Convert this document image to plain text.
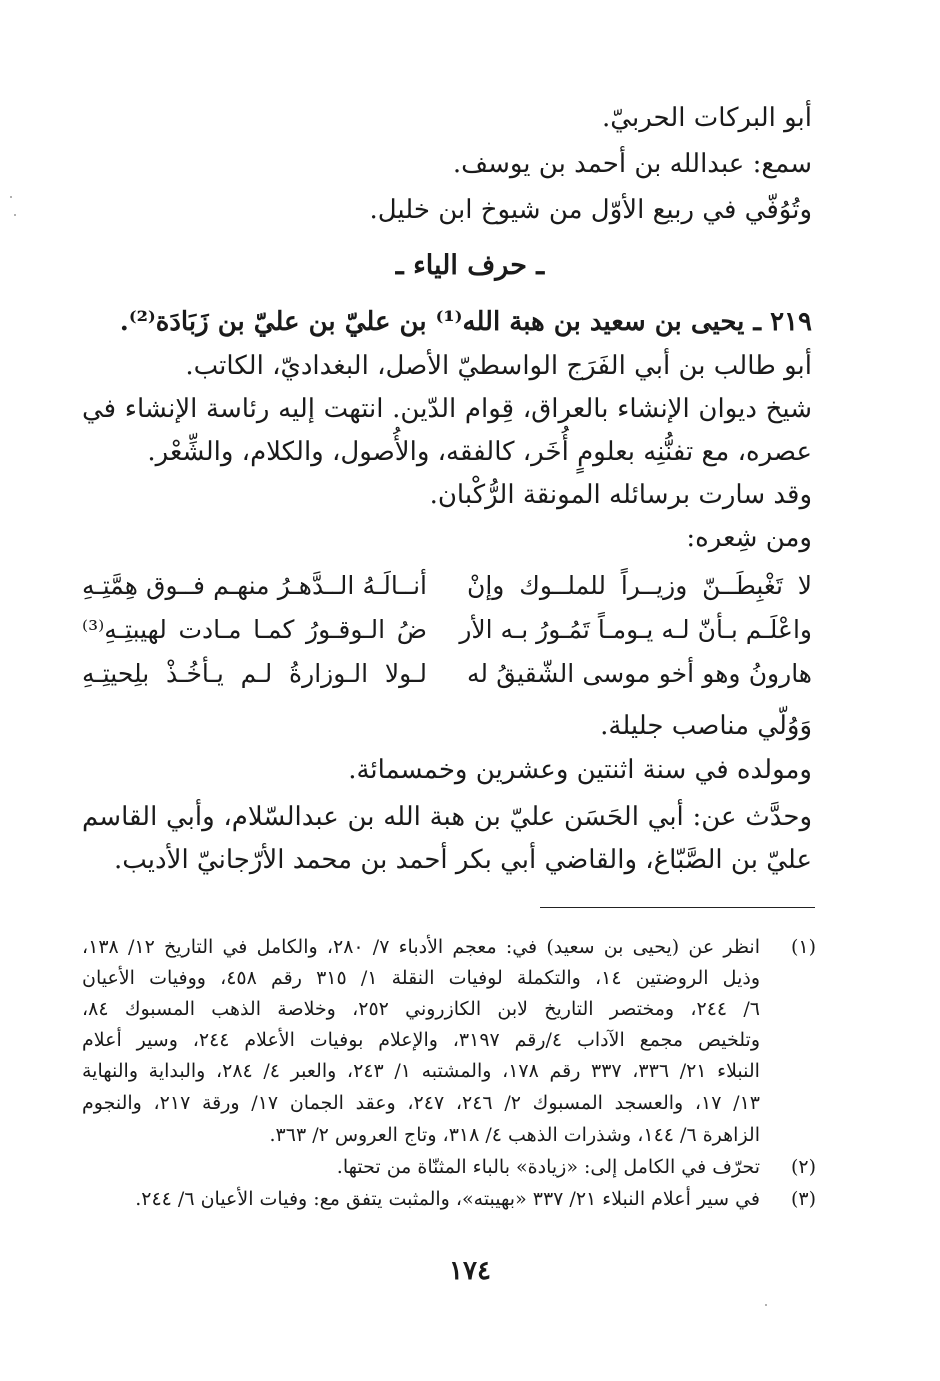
أبو البركات الحربيّ.
سمع: عبدالله بن أحمد بن يوسف.
وتُوُفّي في ربيع الأوّل من شيوخ ابن خليل.
ـ حرف الياء ـ
٢١٩ ـ يحيى بن سعيد بن هبة الله⁽¹⁾ بن عليّ بن عليّ بن زَبَادَة⁽²⁾.
أبو طالب بن أبي الفَرَج الواسطيّ الأصل، البغداديّ، الكاتب.
شيخ ديوان الإنشاء بالعراق، قِوام الدّين. انتهت إليه رئاسة الإنشاء في
عصره، مع تفنُّنِه بعلومٍ أُخَر، كالفقه، والأُصول، والكلام، والشِّعْر.
وقد سارت برسائله المونقة الرُّكْبان.
ومن شِعره:
لا تَغْبِطَــنّ وزيــراً للملــوك وإنْ
أنــالَـهُ الــدَّهـرُ منهـم فــوق هِمَّتِـهِ
واعْلَـم بـأنّ لـه يـومـاً تَمُـورُ بـه الأر
ضُ الـوقـورُ كمـا مـادت لهيبتِـهِ⁽³⁾
هارونُ وهو أخو موسى الشّقيقُ له
لـولا الـوزارةُ لـم يـأخُـذْ بلِحيتِـهِ
وَوُلّي مناصب جليلة.
ومولده في سنة اثنتين وعشرين وخمسمائة.
وحدَّث عن: أبي الحَسَن عليّ بن هبة الله بن عبدالسّلام، وأبي القاسم
عليّ بن الصَّبّاغ، والقاضي أبي بكر أحمد بن محمد الأرّجانيّ الأديب.
(١)
انظر عن (يحيى بن سعيد) في: معجم الأدباء ٧/ ٢٨٠، والكامل في التاريخ ١٢/ ١٣٨،
وذيل الروضتين ١٤، والتكملة لوفيات النقلة ١/ ٣١٥ رقم ٤٥٨، ووفيات الأعيان
٦/ ٢٤٤، ومختصر التاريخ لابن الكازروني ٢٥٢، وخلاصة الذهب المسبوك ٨٤،
وتلخيص مجمع الآداب ٤/رقم ٣١٩٧، والإعلام بوفيات الأعلام ٢٤٤، وسير أعلام
النبلاء ٢١/ ٣٣٦، ٣٣٧ رقم ١٧٨، والمشتبه ١/ ٢٤٣، والعبر ٤/ ٢٨٤، والبداية والنهاية
١٣/ ١٧، والعسجد المسبوك ٢/ ٢٤٦، ٢٤٧، وعقد الجمان ١٧/ ورقة ٢١٧، والنجوم
الزاهرة ٦/ ١٤٤، وشذرات الذهب ٤/ ٣١٨، وتاج العروس ٢/ ٣٦٣.
(٢)
تحرّف في الكامل إلى: «زيادة» بالباء المثنّاة من تحتها.
(٣)
في سير أعلام النبلاء ٢١/ ٣٣٧ «بهيبته»، والمثبت يتفق مع: وفيات الأعيان ٦/ ٢٤٤.
١٧٤
